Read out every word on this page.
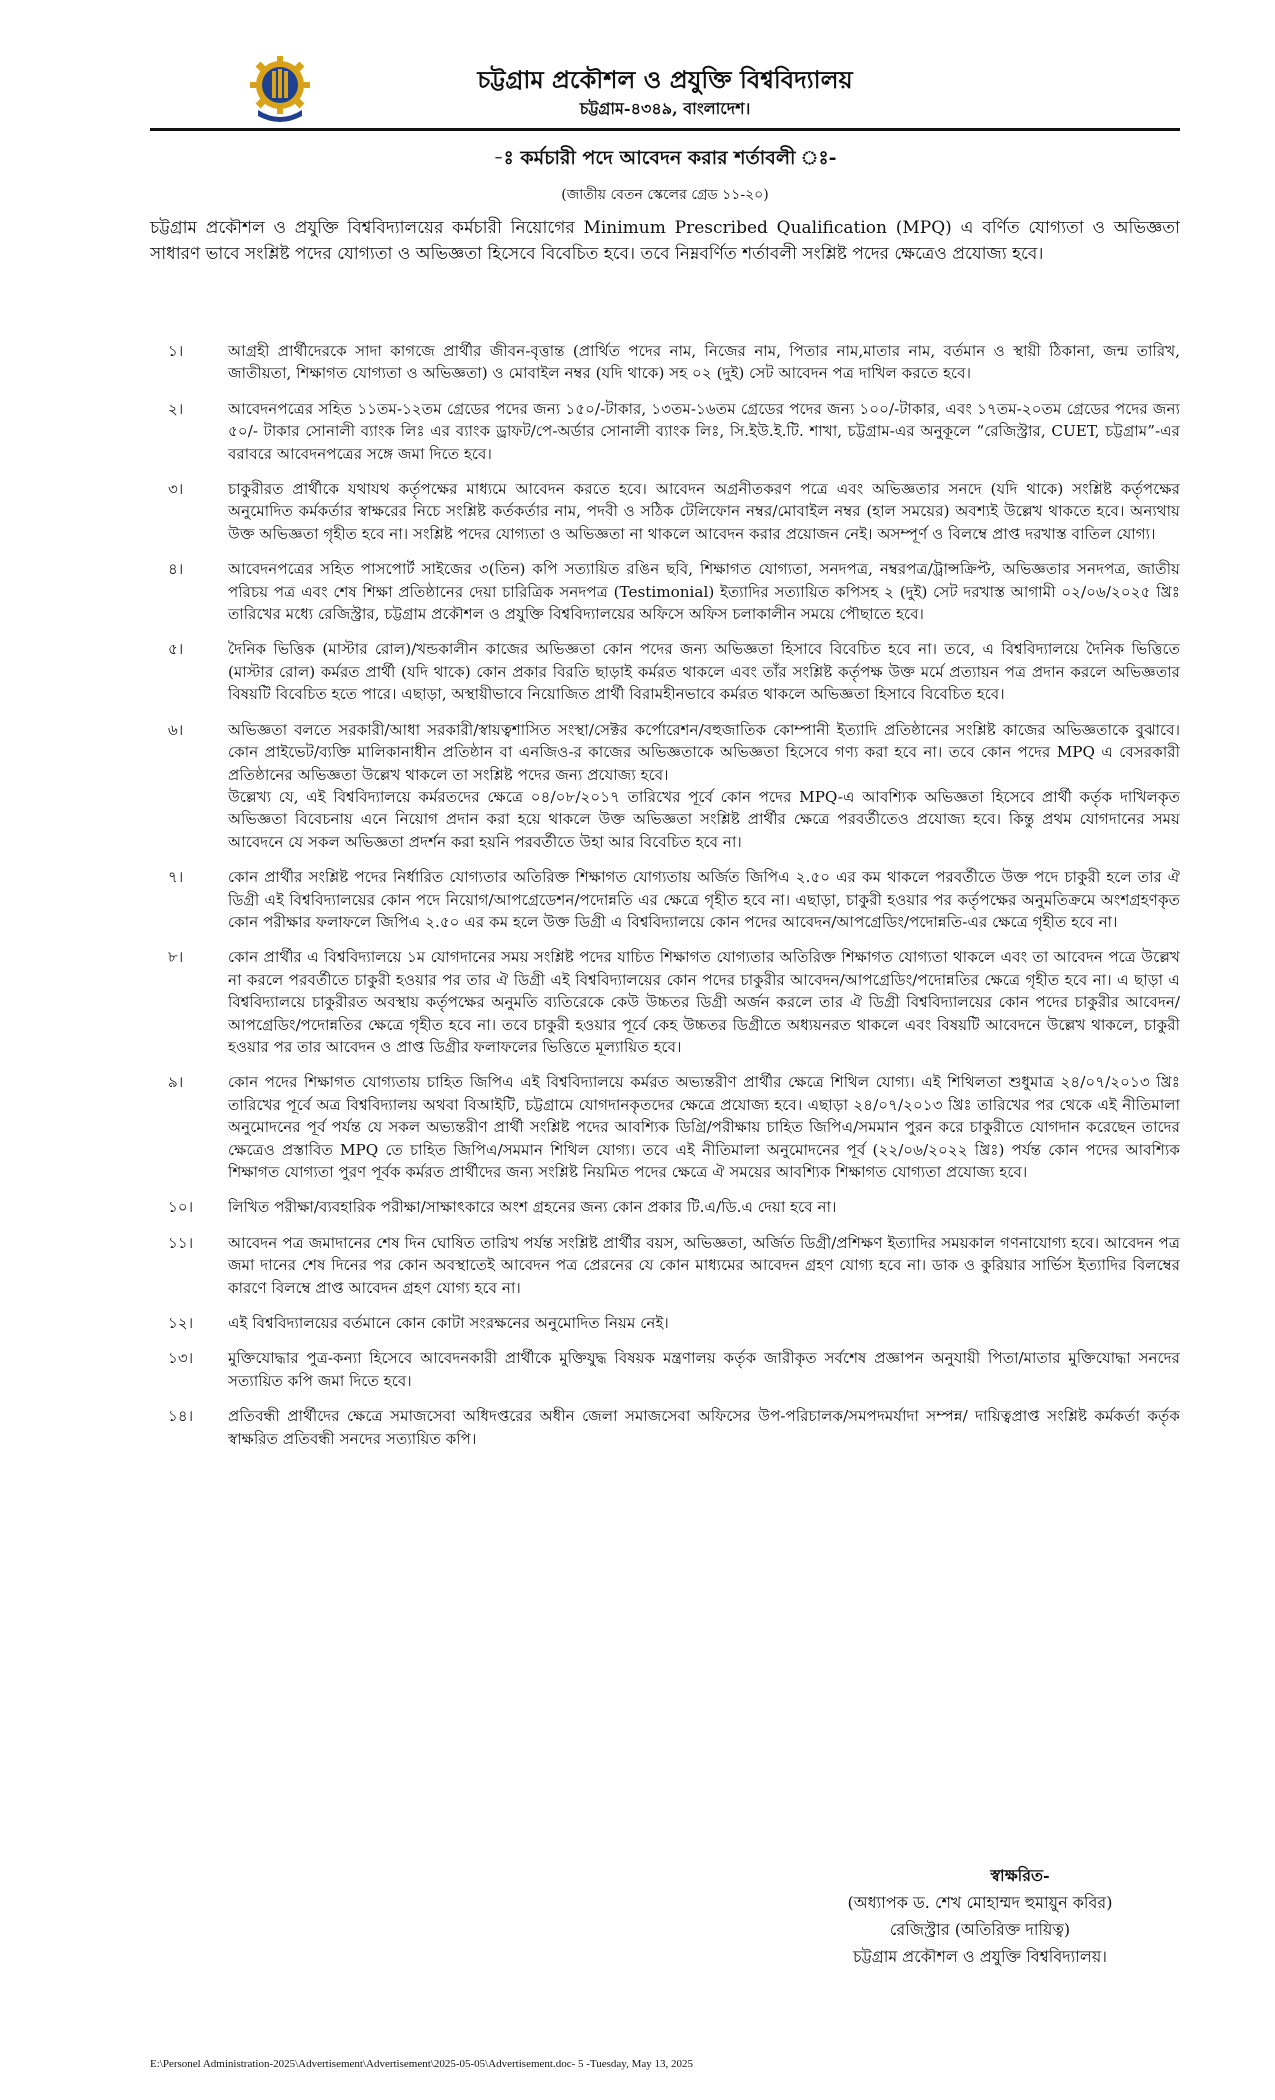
চট্টগ্রাম প্রকৌশল ও প্রযুক্তি বিশ্ববিদ্যালয়
চট্টগ্রাম-৪৩৪৯, বাংলাদেশ।
-ঃ কর্মচারী পদে আবেদন করার শর্তাবলী ঃ-
(জাতীয় বেতন স্কেলের গ্রেড ১১-২০)
চট্টগ্রাম প্রকৌশল ও প্রযুক্তি বিশ্ববিদ্যালয়ের কর্মচারী নিয়োগের Minimum Prescribed Qualification (MPQ) এ বর্ণিত যোগ্যতা ও অভিজ্ঞতা সাধারণ ভাবে সংশ্লিষ্ট পদের যোগ্যতা ও অভিজ্ঞতা হিসেবে বিবেচিত হবে। তবে নিম্নবর্ণিত শর্তাবলী সংশ্লিষ্ট পদের ক্ষেত্রেও প্রযোজ্য হবে।
১।	আগ্রহী প্রার্থীদেরকে সাদা কাগজে প্রার্থীর জীবন-বৃত্তান্ত (প্রার্থিত পদের নাম, নিজের নাম, পিতার নাম,মাতার নাম, বর্তমান ও স্থায়ী ঠিকানা, জন্ম তারিখ, জাতীয়তা, শিক্ষাগত যোগ্যতা ও অভিজ্ঞতা) ও মোবাইল নম্বর (যদি থাকে) সহ ০২ (দুই) সেট আবেদন পত্র দাখিল করতে হবে।
২।	আবেদনপত্রের সহিত ১১তম-১২তম গ্রেডের পদের জন্য ১৫০/-টাকার, ১৩তম-১৬তম গ্রেডের পদের জন্য ১০০/-টাকার, এবং ১৭তম-২০তম গ্রেডের পদের জন্য ৫০/- টাকার সোনালী ব্যাংক লিঃ এর ব্যাংক ড্রাফট/পে-অর্ডার সোনালী ব্যাংক লিঃ, সি.ইউ.ই.টি. শাখা, চট্টগ্রাম-এর অনুকূলে “রেজিস্ট্রার, CUET, চট্টগ্রাম”-এর বরাবরে আবেদনপত্রের সঙ্গে জমা দিতে হবে।
৩।	চাকুরীরত প্রার্থীকে যথাযথ কর্তৃপক্ষের মাধ্যমে আবেদন করতে হবে। আবেদন অগ্রনীতকরণ পত্রে এবং অভিজ্ঞতার সনদে (যদি থাকে) সংশ্লিষ্ট কর্তৃপক্ষের অনুমোদিত কর্মকর্তার স্বাক্ষরের নিচে সংশ্লিষ্ট কর্তকর্তার নাম, পদবী ও সঠিক টেলিফোন নম্বর/মোবাইল নম্বর (হাল সময়ের) অবশ্যই উল্লেখ থাকতে হবে। অন্যথায় উক্ত অভিজ্ঞতা গৃহীত হবে না। সংশ্লিষ্ট পদের যোগ্যতা ও অভিজ্ঞতা না থাকলে আবেদন করার প্রয়োজন নেই। অসম্পূর্ণ ও বিলম্বে প্রাপ্ত দরখাস্ত বাতিল যোগ্য।
৪।	আবেদনপত্রের সহিত পাসপোর্ট সাইজের ৩(তিন) কপি সত্যায়িত রঙিন ছবি, শিক্ষাগত যোগ্যতা, সনদপত্র, নম্বরপত্র/ট্রান্সক্রিপ্ট, অভিজ্ঞতার সনদপত্র, জাতীয় পরিচয় পত্র এবং শেষ শিক্ষা প্রতিষ্ঠানের দেয়া চারিত্রিক সনদপত্র (Testimonial) ইত্যাদির সত্যায়িত কপিসহ ২ (দুই) সেট দরখাস্ত আগামী ০২/০৬/২০২৫ খ্রিঃ তারিখের মধ্যে রেজিস্ট্রার, চট্টগ্রাম প্রকৌশল ও প্রযুক্তি বিশ্ববিদ্যালয়ের অফিসে অফিস চলাকালীন সময়ে পৌছাতে হবে।
৫।	দৈনিক ভিত্তিক (মাস্টার রোল)/খন্ডকালীন কাজের অভিজ্ঞতা কোন পদের জন্য অভিজ্ঞতা হিসাবে বিবেচিত হবে না। তবে, এ বিশ্ববিদ্যালয়ে দৈনিক ভিত্তিতে (মাস্টার রোল) কর্মরত প্রার্থী (যদি থাকে) কোন প্রকার বিরতি ছাড়াই কর্মরত থাকলে এবং তাঁর সংশ্লিষ্ট কর্তৃপক্ষ উক্ত মর্মে প্রত্যায়ন পত্র প্রদান করলে অভিজ্ঞতার বিষয়টি বিবেচিত হতে পারে। এছাড়া, অস্থায়ীভাবে নিয়োজিত প্রার্থী বিরামহীনভাবে কর্মরত থাকলে অভিজ্ঞতা হিসাবে বিবেচিত হবে।
৬।	অভিজ্ঞতা বলতে সরকারী/আধা সরকারী/স্বায়ত্বশাসিত সংস্থা/সেক্টর কর্পোরেশন/বহুজাতিক কোম্পানী ইত্যাদি প্রতিষ্ঠানের সংশ্লিষ্ট কাজের অভিজ্ঞতাকে বুঝাবে। কোন প্রাইভেট/ব্যক্তি মালিকানাধীন প্রতিষ্ঠান বা এনজিও-র কাজের অভিজ্ঞতাকে অভিজ্ঞতা হিসেবে গণ্য করা হবে না। তবে কোন পদের MPQ এ বেসরকারী প্রতিষ্ঠানের অভিজ্ঞতা উল্লেখ থাকলে তা সংশ্লিষ্ট পদের জন্য প্রযোজ্য হবে।
উল্লেখ্য যে, এই বিশ্ববিদ্যালয়ে কর্মরতদের ক্ষেত্রে ০৪/০৮/২০১৭ তারিখের পূর্বে কোন পদের MPQ-এ আবশ্যিক অভিজ্ঞতা হিসেবে প্রার্থী কর্তৃক দাখিলকৃত অভিজ্ঞতা বিবেচনায় এনে নিয়োগ প্রদান করা হয়ে থাকলে উক্ত অভিজ্ঞতা সংশ্লিষ্ট প্রার্থীর ক্ষেত্রে পরবর্তীতেও প্রযোজ্য হবে। কিন্তু প্রথম যোগদানের সময় আবেদনে যে সকল অভিজ্ঞতা প্রদর্শন করা হয়নি পরবর্তীতে উহা আর বিবেচিত হবে না।
৭।	কোন প্রার্থীর সংশ্লিষ্ট পদের নির্ধারিত যোগ্যতার অতিরিক্ত শিক্ষাগত যোগ্যতায় অর্জিত জিপিএ ২.৫০ এর কম থাকলে পরবর্তীতে উক্ত পদে চাকুরী হলে তার ঐ ডিগ্রী এই বিশ্ববিদ্যালয়ের কোন পদে নিয়োগ/আপগ্রেডেশন/পদোন্নতি এর ক্ষেত্রে গৃহীত হবে না। এছাড়া, চাকুরী হওয়ার পর কর্তৃপক্ষের অনুমতিক্রমে অংশগ্রহণকৃত কোন পরীক্ষার ফলাফলে জিপিএ ২.৫০ এর কম হলে উক্ত ডিগ্রী এ বিশ্ববিদ্যালয়ে কোন পদের আবেদন/আপগ্রেডিং/পদোন্নতি-এর ক্ষেত্রে গৃহীত হবে না।
৮।	কোন প্রার্থীর এ বিশ্ববিদ্যালয়ে ১ম যোগদানের সময় সংশ্লিষ্ট পদের যাচিত শিক্ষাগত যোগ্যতার অতিরিক্ত শিক্ষাগত যোগ্যতা থাকলে এবং তা আবেদন পত্রে উল্লেখ না করলে পরবর্তীতে চাকুরী হওয়ার পর তার ঐ ডিগ্রী এই বিশ্ববিদ্যালয়ের কোন পদের চাকুরীর আবেদন/আপগ্রেডিং/পদোন্নতির ক্ষেত্রে গৃহীত হবে না। এ ছাড়া এ বিশ্ববিদ্যালয়ে চাকুরীরত অবস্থায় কর্তৃপক্ষের অনুমতি ব্যতিরেকে কেউ উচ্চতর ডিগ্রী অর্জন করলে তার ঐ ডিগ্রী বিশ্ববিদ্যালয়ের কোন পদের চাকুরীর আবেদন/আপগ্রেডিং/পদোন্নতির ক্ষেত্রে গৃহীত হবে না। তবে চাকুরী হওয়ার পূর্বে কেহ উচ্চতর ডিগ্রীতে অধ্যয়নরত থাকলে এবং বিষয়টি আবেদনে উল্লেখ থাকলে, চাকুরী হওয়ার পর তার আবেদন ও প্রাপ্ত ডিগ্রীর ফলাফলের ভিত্তিতে মূল্যায়িত হবে।
৯।	কোন পদের শিক্ষাগত যোগ্যতায় চাহিত জিপিএ এই বিশ্ববিদ্যালয়ে কর্মরত অভ্যন্তরীণ প্রার্থীর ক্ষেত্রে শিথিল যোগ্য। এই শিথিলতা শুধুমাত্র ২৪/০৭/২০১৩ খ্রিঃ তারিখের পূর্বে অত্র বিশ্ববিদ্যালয় অথবা বিআইটি, চট্টগ্রামে যোগদানকৃতদের ক্ষেত্রে প্রযোজ্য হবে। এছাড়া ২৪/০৭/২০১৩ খ্রিঃ তারিখের পর থেকে এই নীতিমালা অনুমোদনের পূর্ব পর্যন্ত যে সকল অভ্যন্তরীণ প্রার্থী সংশ্লিষ্ট পদের আবশ্যিক ডিগ্রি/পরীক্ষায় চাহিত জিপিএ/সমমান পুরন করে চাকুরীতে যোগদান করেছেন তাদের ক্ষেত্রেও প্রস্তাবিত MPQ তে চাহিত জিপিএ/সমমান শিথিল যোগ্য। তবে এই নীতিমালা অনুমোদনের পূর্ব (২২/০৬/২০২২ খ্রিঃ) পর্যন্ত কোন পদের আবশ্যিক শিক্ষাগত যোগ্যতা পুরণ পূর্বক কর্মরত প্রার্থীদের জন্য সংশ্লিষ্ট নিয়মিত পদের ক্ষেত্রে ঐ সময়ের আবশ্যিক শিক্ষাগত যোগ্যতা প্রযোজ্য হবে।
১০।	লিখিত পরীক্ষা/ব্যবহারিক পরীক্ষা/সাক্ষাৎকারে অংশ গ্রহনের জন্য কোন প্রকার টি.এ/ডি.এ দেয়া হবে না।
১১।	আবেদন পত্র জমাদানের শেষ দিন ঘোষিত তারিখ পর্যন্ত সংশ্লিষ্ট প্রার্থীর বয়স, অভিজ্ঞতা, অর্জিত ডিগ্রী/প্রশিক্ষণ ইত্যাদির সময়কাল গণনাযোগ্য হবে। আবেদন পত্র জমা দানের শেষ দিনের পর কোন অবস্থাতেই আবেদন পত্র প্রেরনের যে কোন মাধ্যমের আবেদন গ্রহণ যোগ্য হবে না। ডাক ও কুরিয়ার সার্ভিস ইত্যাদির বিলম্বের কারণে বিলম্বে প্রাপ্ত আবেদন গ্রহণ যোগ্য হবে না।
১২।	এই বিশ্ববিদ্যালয়ের বর্তমানে কোন কোটা সংরক্ষনের অনুমোদিত নিয়ম নেই।
১৩।	মুক্তিযোদ্ধার পুত্র-কন্যা হিসেবে আবেদনকারী প্রার্থীকে মুক্তিযুদ্ধ বিষয়ক মন্ত্রণালয় কর্তৃক জারীকৃত সর্বশেষ প্রজ্ঞাপন অনুযায়ী পিতা/মাতার মুক্তিযোদ্ধা সনদের সত্যায়িত কপি জমা দিতে হবে।
১৪।	প্রতিবন্ধী প্রার্থীদের ক্ষেত্রে সমাজসেবা অধিদপ্তরের অধীন জেলা সমাজসেবা অফিসের উপ-পরিচালক/সমপদমর্যাদা সম্পন্ন/ দায়িত্বপ্রাপ্ত সংশ্লিষ্ট কর্মকর্তা কর্তৃক স্বাক্ষরিত প্রতিবন্ধী সনদের সত্যায়িত কপি।
স্বাক্ষরিত-
(অধ্যাপক ড. শেখ মোহাম্মদ হুমায়ুন কবির)
রেজিস্ট্রার (অতিরিক্ত দায়িত্ব)
চট্টগ্রাম প্রকৌশল ও প্রযুক্তি বিশ্ববিদ্যালয়।
E:\Personel Administration-2025\Advertisement\Advertisement\2025-05-05\Advertisement.doc- 5 -Tuesday, May 13, 2025
